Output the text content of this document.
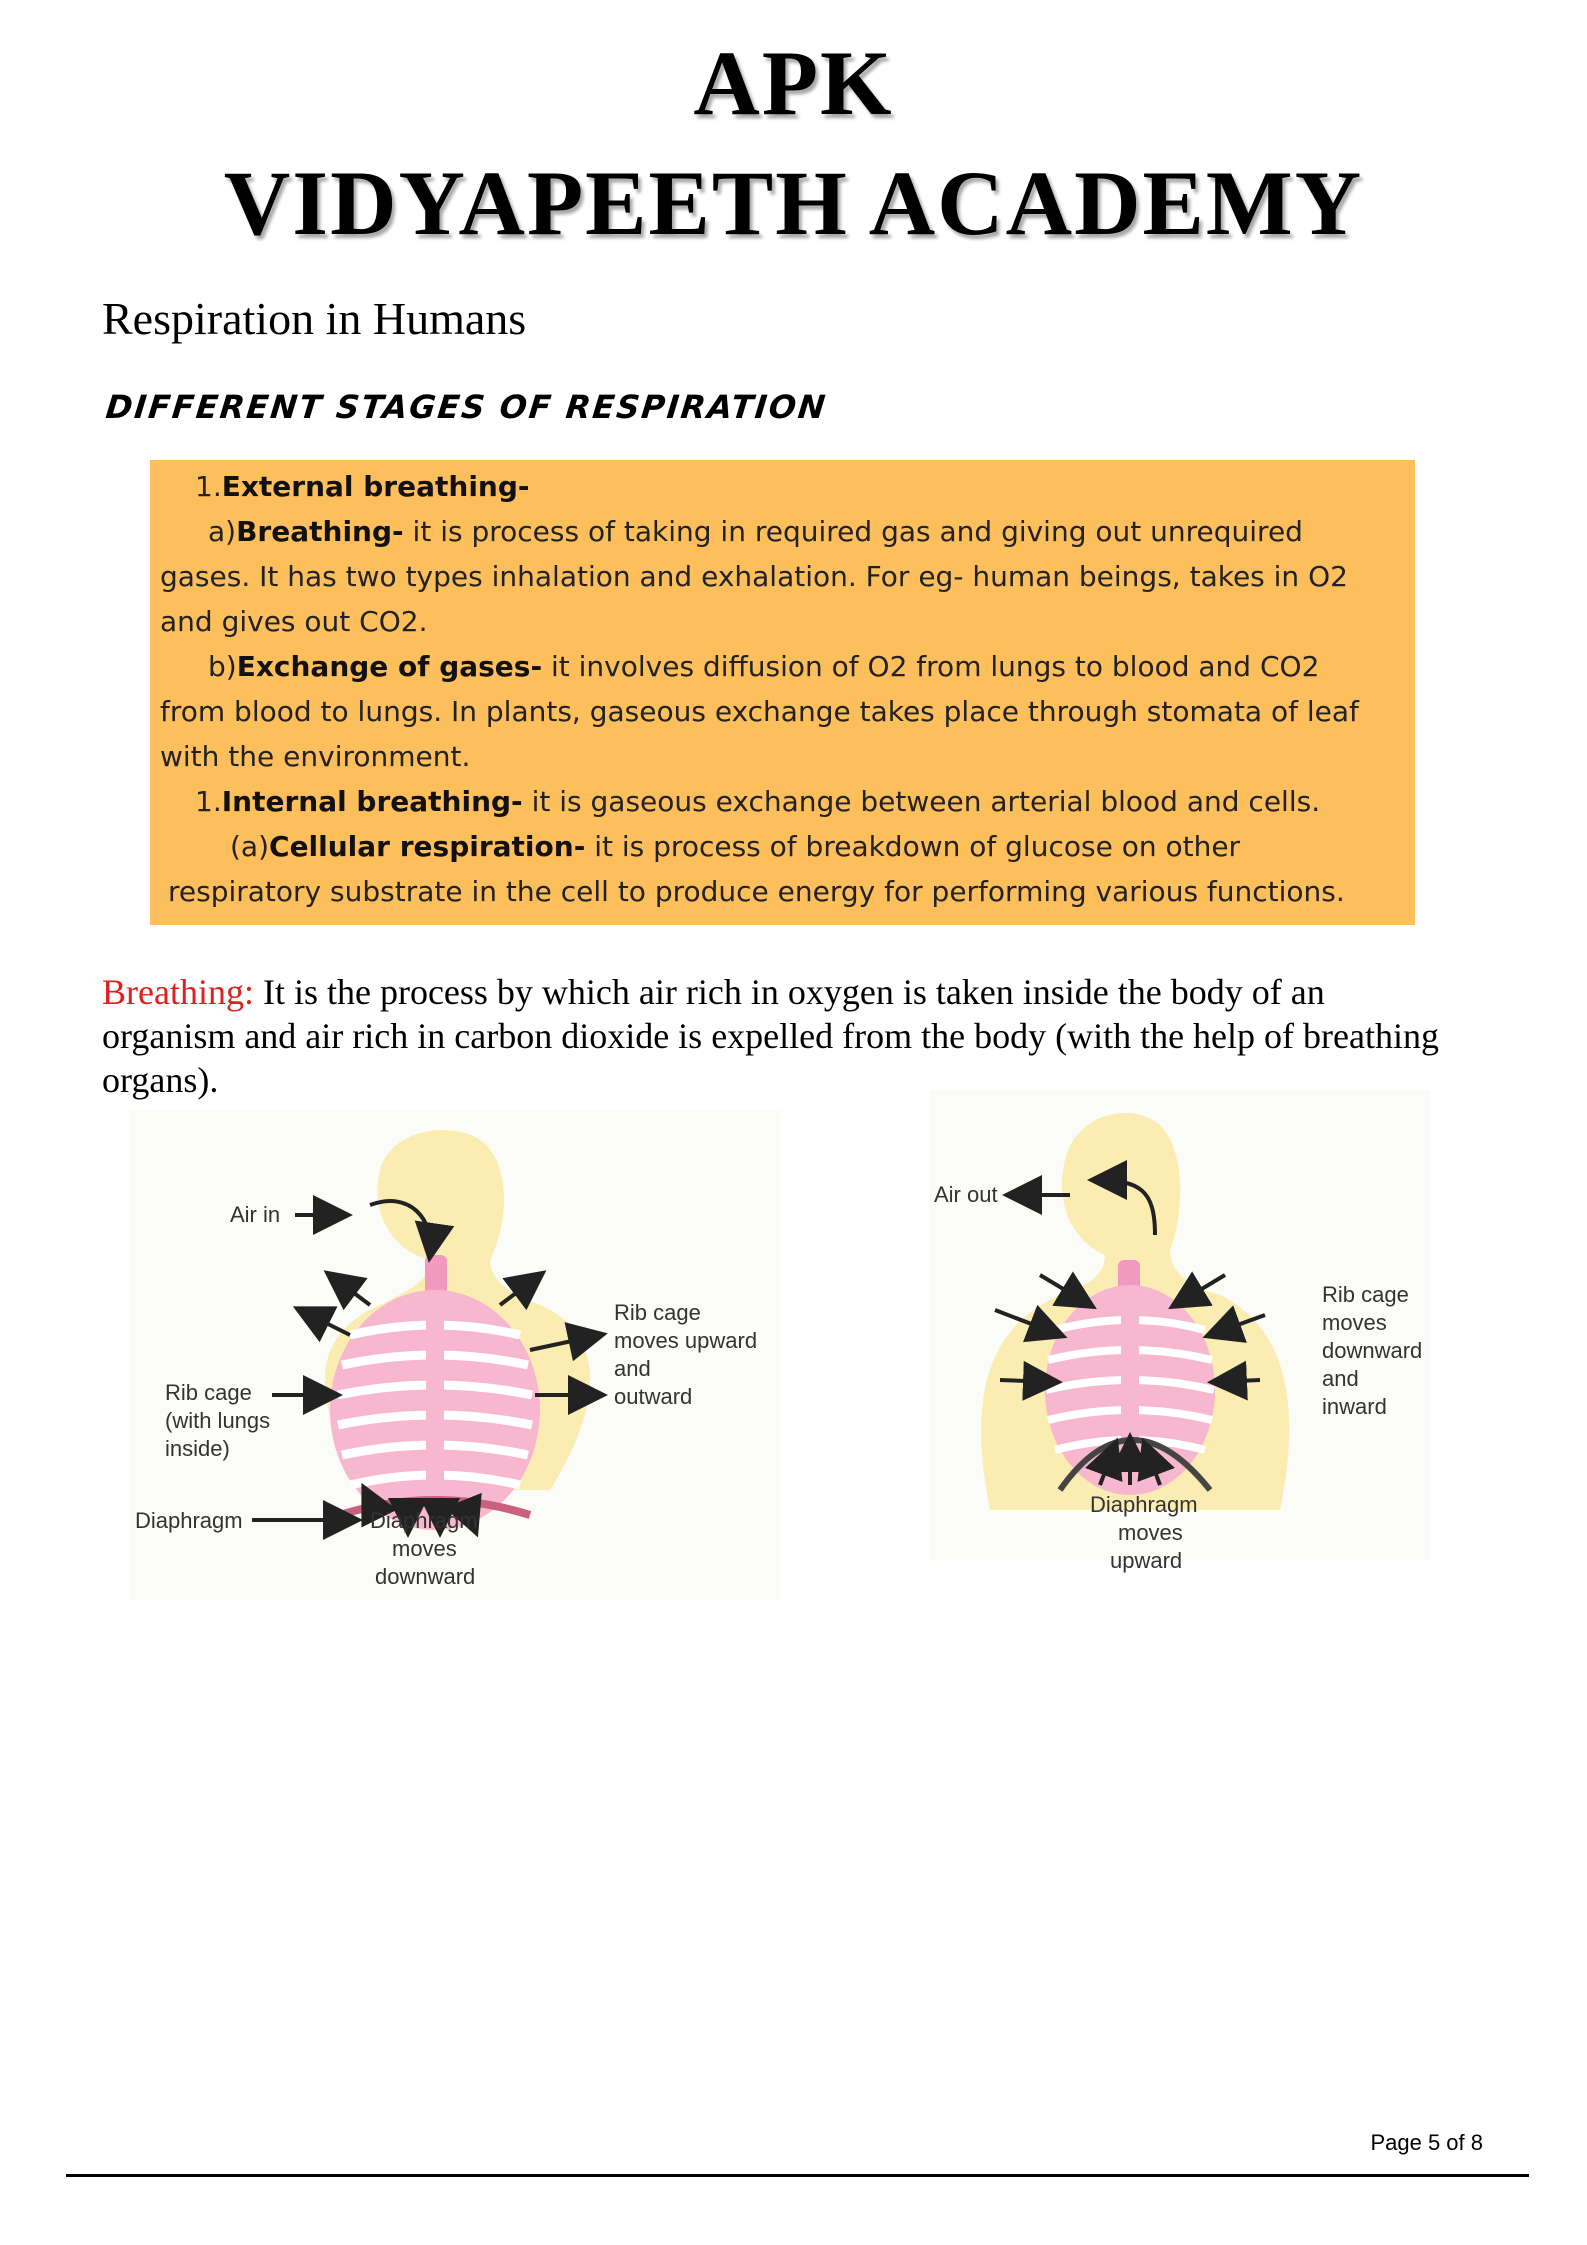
APK
VIDYAPEETH ACADEMY
Respiration in Humans
DIFFERENT STAGES OF RESPIRATION
1.External breathing-
a)Breathing- it is process of taking in required gas and giving out unrequired
gases. It has two types inhalation and exhalation. For eg- human beings, takes in O2
and gives out CO2.
b)Exchange of gases- it involves diffusion of O2 from lungs to blood and CO2
from blood to lungs. In plants, gaseous exchange takes place through stomata of leaf
with the environment.
1.Internal breathing- it is gaseous exchange between arterial blood and cells.
(a)Cellular respiration- it is process of breakdown of glucose on other
respiratory substrate in the cell to produce energy for performing various functions.
Breathing: It is the process by which air rich in oxygen is taken inside the body of an organism and air rich in carbon dioxide is expelled from the body (with the help of breathing organs).
Air in
Rib cage
(with lungs
inside)
Diaphragm
Rib cage
moves upward
and
outward
Diaphragm
moves
downward
Air out
Rib cage
moves
downward
and
inward
Diaphragm
moves
upward
Page 5 of 8
